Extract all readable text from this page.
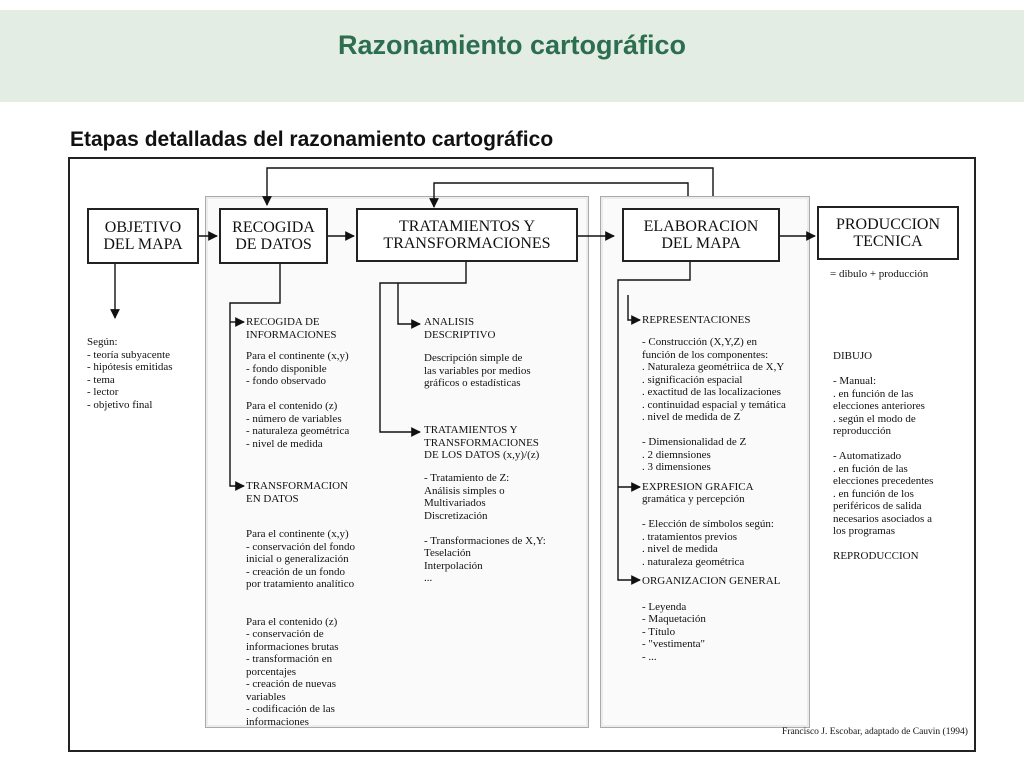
Razonamiento cartográfico
Etapas detalladas del razonamiento cartográfico
OBJETIVO
DEL MAPA
RECOGIDA
DE DATOS
TRATAMIENTOS Y
TRANSFORMACIONES
ELABORACION
DEL MAPA
PRODUCCION
TECNICA
= dibulo + producción
Según:
- teoría subyacente
- hipótesis emitidas
- tema
- lector
- objetivo final
RECOGIDA DE
INFORMACIONES
Para el continente (x,y)
- fondo disponible
- fondo observado

Para el contenido (z)
- número de variables
- naturaleza geométrica
- nivel de medida
TRANSFORMACION
EN DATOS
Para el continente (x,y)
- conservación del fondo
inicial o generalización
- creación de un fondo
por tratamiento analítico

Para el contenido (z)
- conservación de
informaciones brutas
- transformación en
porcentajes
- creación de nuevas
variables
- codificación de las
informaciones
ANALISIS
DESCRIPTIVO
Descripción simple de
las variables por medios
gráficos o estadísticas
TRATAMIENTOS Y
TRANSFORMACIONES
DE LOS DATOS (x,y)/(z)
- Tratamiento de Z:
Análisis simples o
Multivariados
Discretización

- Transformaciones de X,Y:
Teselación
Interpolación
...
REPRESENTACIONES
- Construcción (X,Y,Z) en
función de los componentes:
. Naturaleza geométriica de X,Y
. significación espacial
. exactitud de las localizaciones
. continuidad espacial y temática
. nivel de medida de Z

- Dimensionalidad de Z
. 2 diemnsiones
. 3 dimensiones
EXPRESION GRAFICA
gramática y percepción

- Elección de símbolos según:
. tratamientos previos
. nivel de medida
. naturaleza geométrica
ORGANIZACION GENERAL

- Leyenda
- Maquetación
- Título
- "vestimenta"
- ...
DIBUJO

- Manual:
. en función de las
elecciones anteriores
. según el modo de
reproducción

- Automatizado
. en fución de las
elecciones precedentes
. en función de los
periféricos de salida
necesarios asociados a
los programas

REPRODUCCION
Francisco J. Escobar, adaptado de Cauvin (1994)
